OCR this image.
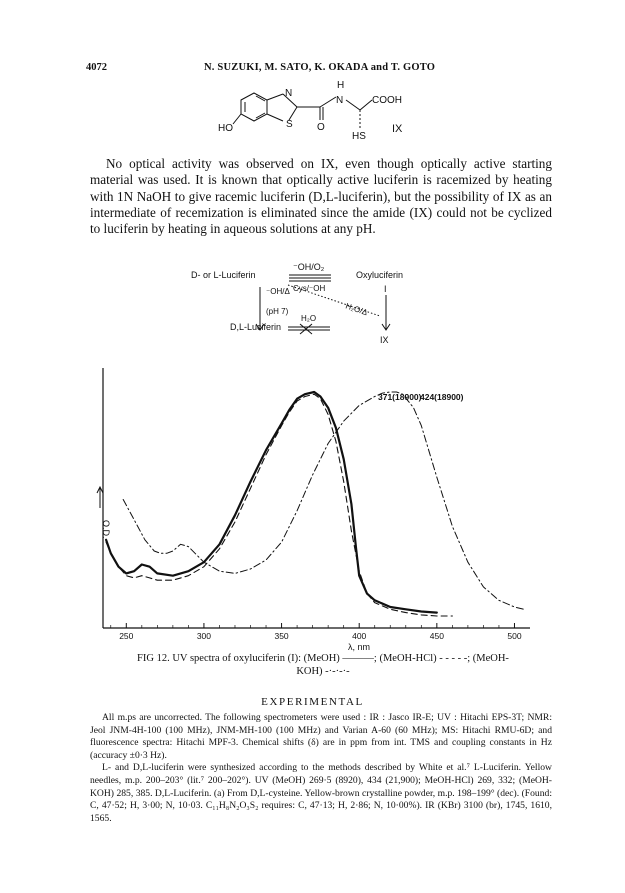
4072	N. SUZUKI, M. SATO, K. OKADA and T. GOTO
N
H
N	COOH
HO	S O
HS
IX

No optical activity was observed on IX, even though optically active starting material was used. It is known that optically active luciferin is racemized by heating with 1N NaOH to give racemic luciferin (D,L-luciferin), but the possibility of IX as an intermediate of recemization is eliminated since the amide (IX) could not be cyclized to luciferin by heating in aqueous solutions at any pH.

D- or L-Luciferin
⁻OH/O₂
Cys/⁻OH
Oxyluciferin
I
⁻OH/Δ
(pH 7)
D,L-Luciferin
H₂O/Δ
H₂O
IX
250	300	350	400	450	500
371(18900)
424(18900)
λ, nm
O.D.
FIG 12. UV spectra of oxyluciferin (I): (MeOH) ———; (MeOH-HCl) - - - - -; (MeOH-
KOH) -·-·-·-
EXPERIMENTAL

All m.ps are uncorrected. The following spectrometers were used : IR : Jasco IR-E; UV : Hitachi EPS-3T; NMR: Jeol JNM-4H-100 (100 MHz), JNM-MH-100 (100 MHz) and Varian A-60 (60 MHz); MS: Hitachi RMU-6D; and fluorescence spectra: Hitachi MPF-3. Chemical shifts (δ) are in ppm from int. TMS and coupling constants in Hz (accuracy ±0·3 Hz).

L- and D,L-luciferin were synthesized according to the methods described by White et al.⁷ L-Luciferin. Yellow needles, m.p. 200–203° (lit.⁷ 200–202°). UV (MeOH) 269·5 (8920), 434 (21,900); MeOH-HCl) 269, 332; (MeOH-KOH) 285, 385. D,L-Luciferin. (a) From D,L-cysteine. Yellow-brown crystalline powder, m.p. 198–199° (dec). (Found: C, 47·52; H, 3·00; N, 10·03. C₁₁H₈N₂O₃S₂ requires: C, 47·13; H, 2·86; N, 10·00%). IR (KBr) 3100 (br), 1745, 1610, 1565.
